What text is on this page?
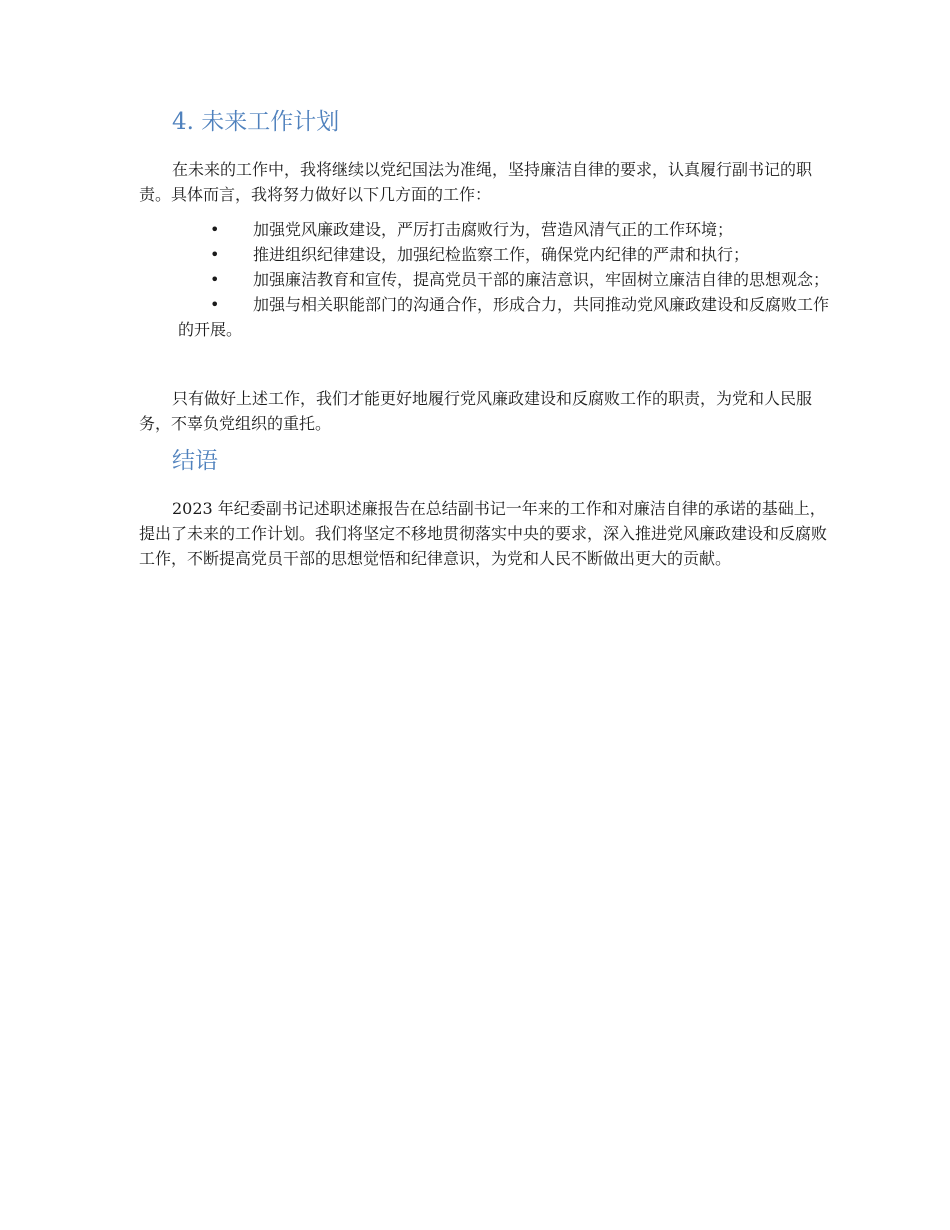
4. 未来工作计划

在未来的工作中，我将继续以党纪国法为准绳，坚持廉洁自律的要求，认真履行副书记的职责。具体而言，我将努力做好以下几方面的工作：

• 加强党风廉政建设，严厉打击腐败行为，营造风清气正的工作环境；
• 推进组织纪律建设，加强纪检监察工作，确保党内纪律的严肃和执行；
• 加强廉洁教育和宣传，提高党员干部的廉洁意识，牢固树立廉洁自律的思想观念；
• 加强与相关职能部门的沟通合作，形成合力，共同推动党风廉政建设和反腐败工作的开展。

只有做好上述工作，我们才能更好地履行党风廉政建设和反腐败工作的职责，为党和人民服务，不辜负党组织的重托。

结语

2023 年纪委副书记述职述廉报告在总结副书记一年来的工作和对廉洁自律的承诺的基础上，提出了未来的工作计划。我们将坚定不移地贯彻落实中央的要求，深入推进党风廉政建设和反腐败工作，不断提高党员干部的思想觉悟和纪律意识，为党和人民不断做出更大的贡献。
